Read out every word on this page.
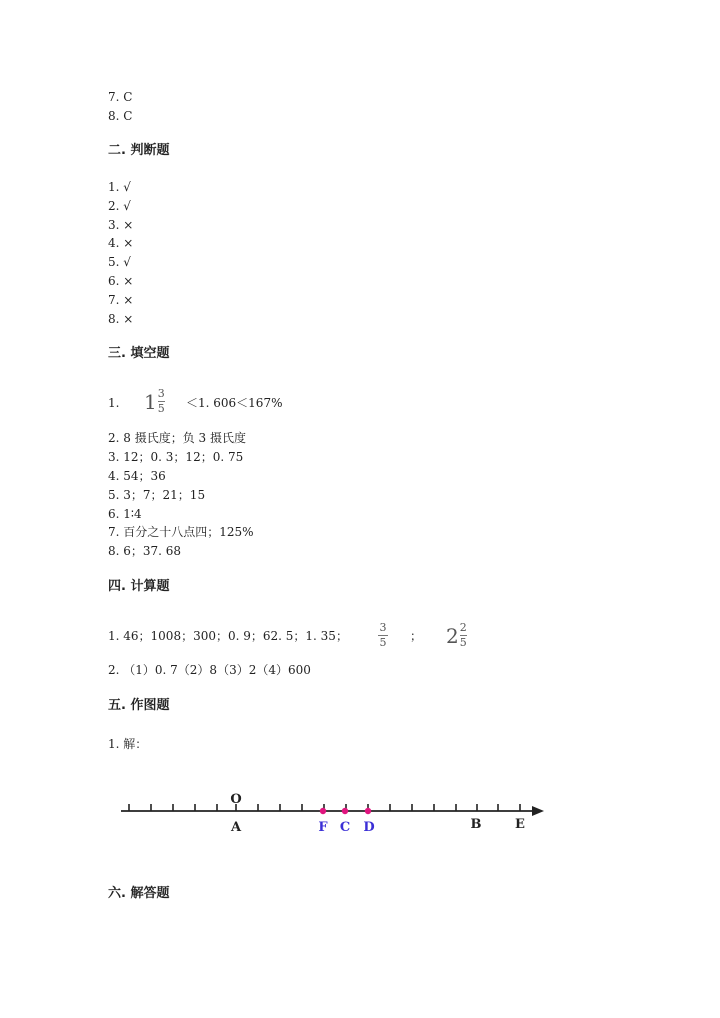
7. C
8. C
二. 判断题
1. √
2. √
3. ×
4. ×
5. √
6. ×
7. ×
8. ×
三. 填空题
1. $1 \frac{3}{5} <1$. 606＜167%
2. 8 摄氏度；负 3 摄氏度
3. 12；0. 3；12；0. 75
4. 54；36
5. 3；7；21；15
6. 1∶4
7. 百分之十八点四；125%
8. 6；37. 68
四. 计算题
1. 46；1008；300；0. 9；62. 5；1. 35；
3
5 ； $2 \frac{2}{5}$
2. （1）0. 7（2）8（3）2（4）600
五. 作图题
1. 解：
O
A	F C D	B	E
六. 解答题
